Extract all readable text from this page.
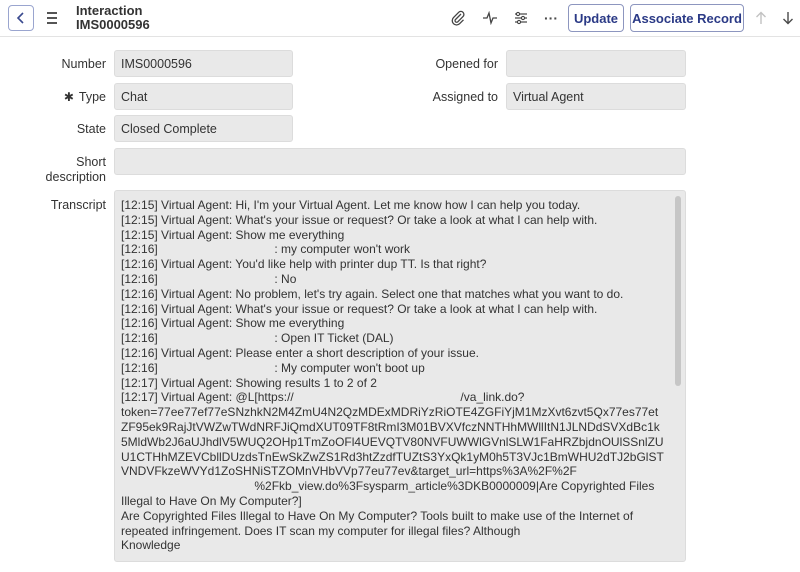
Interaction
IMS0000596	···	Update	Associate Record
Number	IMS0000596
✱ Type	Chat
State	Closed Complete
Short description
Opened for
Assigned to	Virtual Agent
Transcript [12:15] Virtual Agent: Hi, I'm your Virtual Agent. Let me know how I can help you today.
[12:15] Virtual Agent: What's your issue or request? Or take a look at what I can help with.
[12:15] Virtual Agent: Show me everything
[12:16]                                   : my computer won't work
[12:16] Virtual Agent: You'd like help with printer dup TT. Is that right?
[12:16]                                   : No
[12:16] Virtual Agent: No problem, let's try again. Select one that matches what you want to do.
[12:16] Virtual Agent: What's your issue or request? Or take a look at what I can help with.
[12:16] Virtual Agent: Show me everything
[12:16]                                   : Open IT Ticket (DAL)
[12:16] Virtual Agent: Please enter a short description of your issue.
[12:16]                                   : My computer won't boot up
[12:17] Virtual Agent: Showing results 1 to 2 of 2
[12:17] Virtual Agent: @L[https://                                                  /va_link.do?
token=77ee77ef77eSNzhkN2M4ZmU4N2QzMDExMDRiYzRiOTE4ZGFiYjM1MzXvt6zvt5Qx77es77et
ZF95ek9RajJtVWZwTWdNRFJiQmdXUT09TF8tRmI3M01BVXVfczNNTHhMWllItN1JLNDdSVXdBc1k
5MldWb2J6aUJhdlV5WUQ2OHp1TmZoOFl4UEVQTV80NVFUWWlGVnlSLW1FaHRZbjdnOUlSSnlZU
U1CTHhMZEVCbllDUzdsTnEwSkZwZS1Rd3htZzdfTUZtS3YxQk1yM0h5T3VJc1BmWHU2dTJ2bGlST
VNDVFkzeWVYd1ZoSHNiSTZOMnVHbVVp77eu77ev&target_url=https%3A%2F%2F
%2Fkb_view.do%3Fsysparm_article%3DKB0000009|Are Copyrighted Files
Illegal to Have On My Computer?]
Are Copyrighted Files Illegal to Have On My Computer? Tools built to make use of the Internet of
repeated infringement. Does IT scan my computer for illegal files? Although
Knowledge
